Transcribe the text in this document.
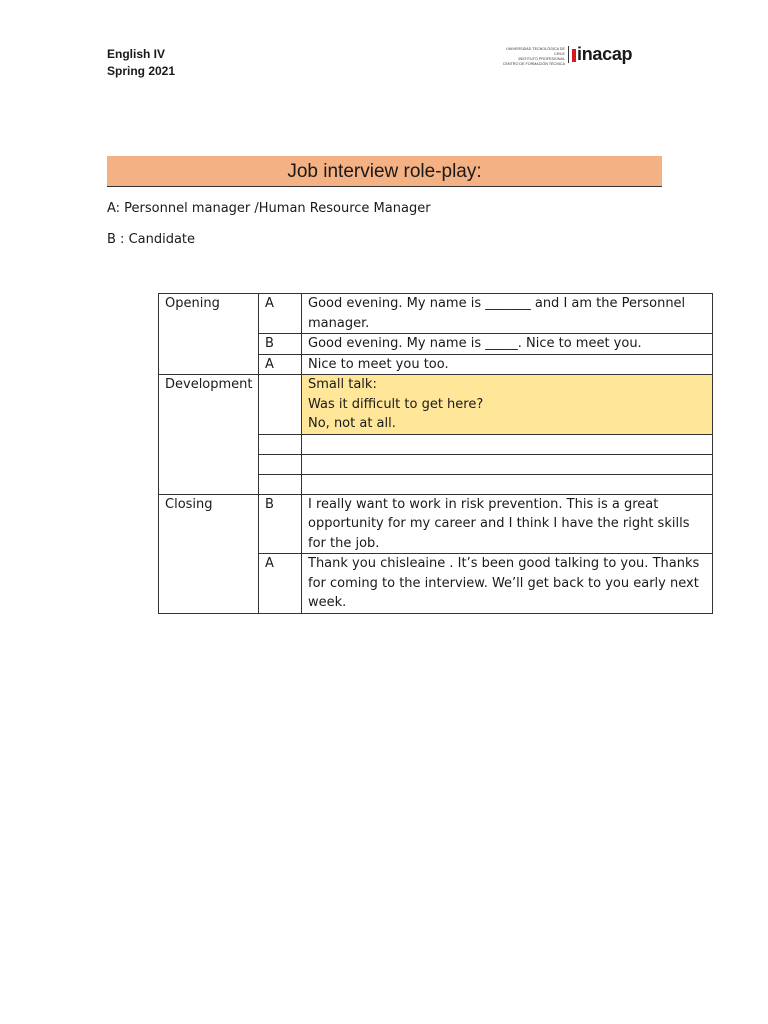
English IV
Spring 2021
UNIVERSIDAD TECNOLÓGICA DE CHILE
INSTITUTO PROFESIONAL
CENTRO DE FORMACIÓN TÉCNICA inacap
Job interview role-play:
A: Personnel manager /Human Resource Manager
B : Candidate
Opening	A	Good evening. My name is _______ and I am the Personnel manager.
	B	Good evening. My name is _____. Nice to meet you.
	A	Nice to meet you too.
Development		Small talk:
Was it difficult to get here?
No, not at all.

Closing	B	I really want to work in risk prevention. This is a great opportunity for my career and I think I have the right skills for the job.
	A	Thank you chisleaine . It’s been good talking to you. Thanks for coming to the interview. We’ll get back to you early next week.
